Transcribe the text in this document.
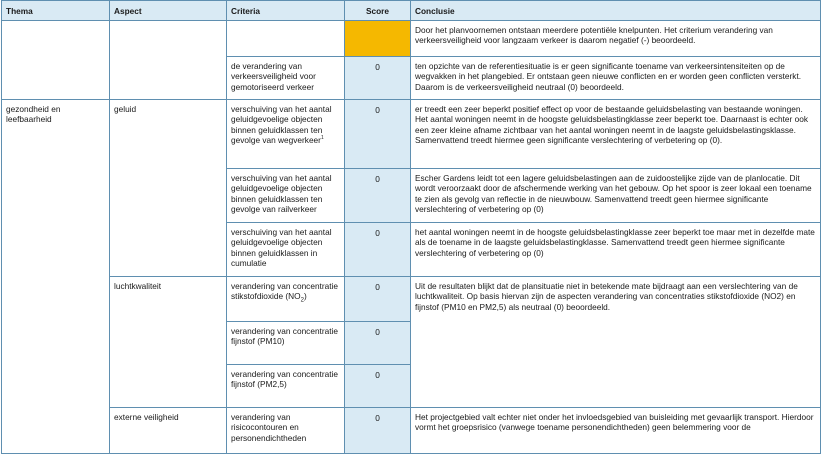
Thema	Aspect	Criteria	Score	Conclusie
				Door het planvoornemen ontstaan meerdere potentiële knelpunten. Het criterium verandering van verkeersveiligheid voor langzaam verkeer is daarom negatief (-) beoordeeld.
		de verandering van verkeersveiligheid voor gemotoriseerd verkeer	0	ten opzichte van de referentiesituatie is er geen significante toename van verkeersintensiteiten op de wegvakken in het plangebied. Er ontstaan geen nieuwe conflicten en er worden geen conflicten versterkt. Daarom is de verkeersveiligheid neutraal (0) beoordeeld.
gezondheid en leefbaarheid	geluid	verschuiving van het aantal geluidgevoelige objecten binnen geluidklassen ten gevolge van wegverkeer$^1$	0	er treedt een zeer beperkt positief effect op voor de bestaande geluidsbelasting van bestaande woningen. Het aantal woningen neemt in de hoogste geluidsbelastingklasse zeer beperkt toe. Daarnaast is echter ook een zeer kleine afname zichtbaar van het aantal woningen neemt in de laagste geluidsbelastingsklasse. Samenvattend treedt hiermee geen significante verslechtering of verbetering op (0).
		verschuiving van het aantal geluidgevoelige objecten binnen geluidklassen ten gevolge van railverkeer	0	Escher Gardens leidt tot een lagere geluidsbelastingen aan de zuidoostelijke zijde van de planlocatie. Dit wordt veroorzaakt door de afschermende werking van het gebouw. Op het spoor is zeer lokaal een toename te zien als gevolg van reflectie in de nieuwbouw. Samenvattend treedt geen hiermee significante verslechtering of verbetering op (0)
		verschuiving van het aantal geluidgevoelige objecten binnen geluidklassen in cumulatie	0	het aantal woningen neemt in de hoogste geluidsbelastingklasse zeer beperkt toe maar met in dezelfde mate als de toename in de laagste geluidsbelastingklasse. Samenvattend treedt geen hiermee significante verslechtering of verbetering op (0)
	luchtkwaliteit	verandering van concentratie stikstofdioxide $(NO_2)$	0	Uit de resultaten blijkt dat de plansituatie niet in betekende mate bijdraagt aan een verslechtering van de luchtkwaliteit. Op basis hiervan zijn de aspecten verandering van concentraties stikstofdioxide (NO2) en fijnstof (PM10 en PM2,5) als neutraal (0) beoordeeld.
		verandering van concentratie fijnstof (PM10)	0	
		verandering van concentratie fijnstof (PM2,5)	0	
	externe veiligheid	verandering van risicocontouren en personendichtheden	0	Het projectgebied valt echter niet onder het invloedsgebied van buisleiding met gevaarlijk transport. Hierdoor vormt het groepsrisico (vanwege toename personendichtheden) geen belemmering voor de
